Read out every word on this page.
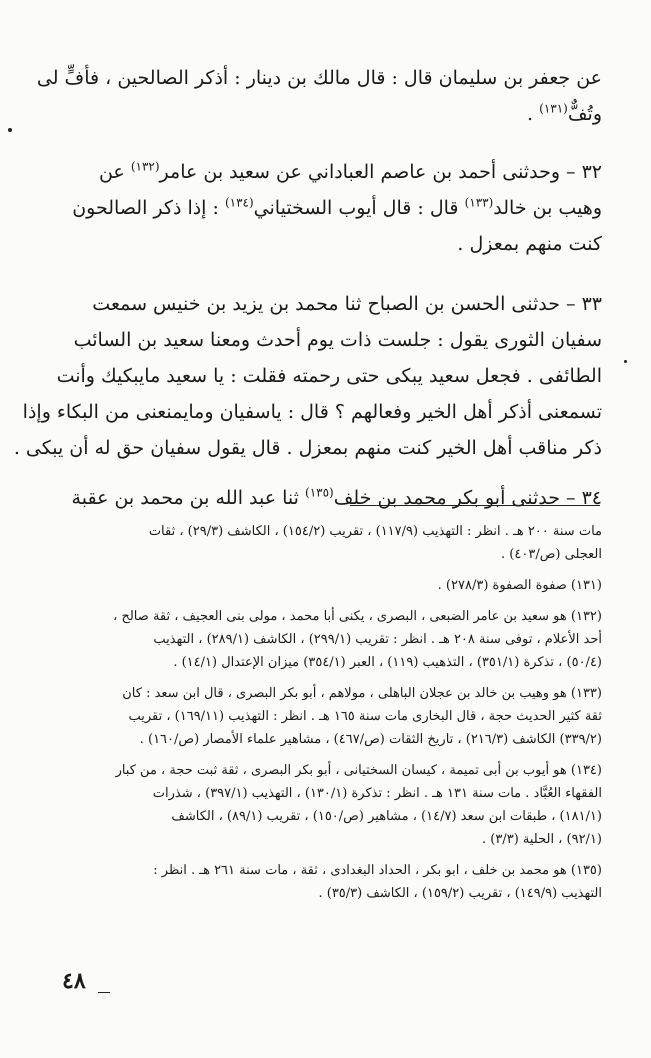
عن جعفر بن سليمان قال : قال مالك بن دينار : أذكر الصالحين ، فأفٍّ لى
وتُفٌّ$^{(١٣١)}$ .

٣٢ – وحدثنى أحمد بن عاصم العباداني عن سعيد بن عامر$^{(١٣٢)}$ عن
وهيب بن خالد$^{(١٣٣)}$ قال : قال أيوب السختياني$^{(١٣٤)}$ : إذا ذكر الصالحون
كنت منهم بمعزل .

٣٣ – حدثنى الحسن بن الصباح ثنا محمد بن يزيد بن خنيس سمعت
سفيان الثورى يقول : جلست ذات يوم أحدث ومعنا سعيد بن السائب
الطائفى . فجعل سعيد يبكى حتى رحمته فقلت : يا سعيد مايبكيك وأنت
تسمعنى أذكر أهل الخير وفعالهم ؟ قال : ياسفيان ومايمنعنى من البكاء وإذا
ذكر مناقب أهل الخير كنت منهم بمعزل . قال يقول سفيان حق له أن يبكى .

٣٤ – حدثنى أبو بكر محمد بن خلف$^{(١٣٥)}$ ثنا عبد الله بن محمد بن عقبة

مات سنة ٢٠٠ هـ . انظر : التهذيب (١١٧/٩) ، تقريب (١٥٤/٢) ، الكاشف (٢٩/٣) ، ثقات
العجلى (ص/٤٠٣) .

(١٣١) صفوة الصفوة (٢٧٨/٣) .

(١٣٢) هو سعيد بن عامر الضبعى ، البصرى ، يكنى أبا محمد ، مولى بنى العجيف ، ثقة صالح ،
أحد الأعلام ، توفى سنة ٢٠٨ هـ . انظر : تقريب (٢٩٩/١) ، الكاشف (٢٨٩/١) ، التهذيب
(٥٠/٤) ، تذكرة (٣٥١/١) ، التذهيب (١١٩) ، العبر (٣٥٤/١) ميزان الإعتدال (١٤/١) .

(١٣٣) هو وهيب بن خالد بن عجلان الباهلى ، مولاهم ، أبو بكر البصرى ، قال ابن سعد : كان
ثقة كثير الحديث حجة ، قال البخارى مات سنة ١٦٥ هـ . انظر : التهذيب (١٦٩/١١) ، تقريب
(٣٣٩/٢) الكاشف (٢١٦/٣) ، تاريخ الثقات (ص/٤٦٧) ، مشاهير علماء الأمصار (ص/١٦٠) .

(١٣٤) هو أيوب بن أبى تميمة ، كيسان السختيانى ، أبو بكر البصرى ، ثقة ثبت حجة ، من كبار
الفقهاء العُبَّاد . مات سنة ١٣١ هـ . انظر : تذكرة (١٣٠/١) ، التهذيب (٣٩٧/١) ، شذرات
(١٨١/١) ، طبقات ابن سعد (١٤/٧) ، مشاهير (ص/١٥٠) ، تقريب (٨٩/١) ، الكاشف
(٩٢/١) ، الحلية (٣/٣) .

(١٣٥) هو محمد بن خلف ، ابو بكر ، الحداد البغدادى ، ثقة ، مات سنة ٢٦١ هـ . انظر :
التهذيب (١٤٩/٩) ، تقريب (١٥٩/٢) ، الكاشف (٣٥/٣) .

٤٨
